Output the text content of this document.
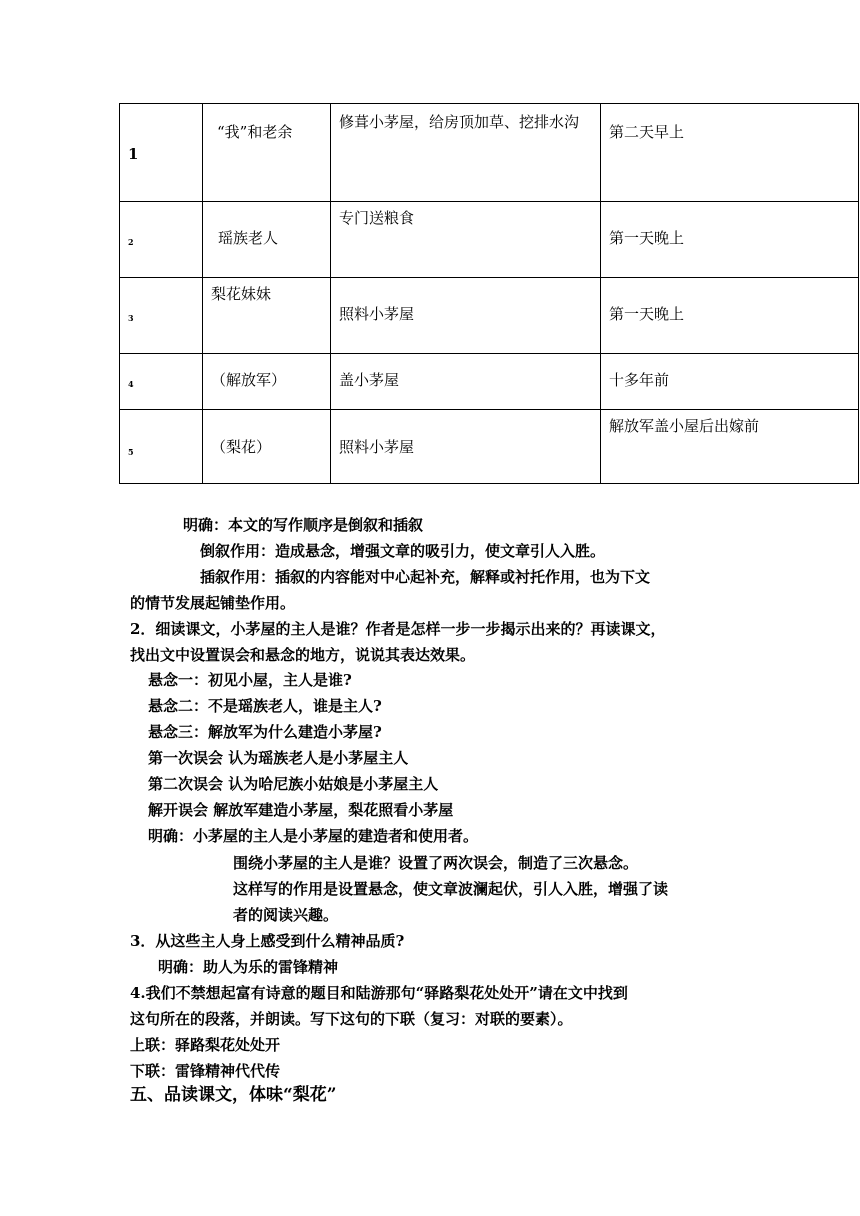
1	“我”和老余	修葺小茅屋，给房顶加草、挖排水沟	第二天早上

2	瑶族老人	专门送粮食	第一天晚上

3	梨花妹妹	照料小茅屋	第一天晚上

4	（解放军）	盖小茅屋	十多年前

5	（梨花）	照料小茅屋	解放军盖小屋后出嫁前
明确：本文的写作顺序是倒叙和插叙
倒叙作用：造成悬念，增强文章的吸引力，使文章引人入胜。
插叙作用：插叙的内容能对中心起补充，解释或衬托作用，也为下文
的情节发展起铺垫作用。
2．细读课文，小茅屋的主人是谁？作者是怎样一步一步揭示出来的？再读课文，
找出文中设置误会和悬念的地方，说说其表达效果。
悬念一：初见小屋，主人是谁?
悬念二：不是瑶族老人，谁是主人?
悬念三：解放军为什么建造小茅屋?
第一次误会 认为瑶族老人是小茅屋主人
第二次误会 认为哈尼族小姑娘是小茅屋主人
解开误会 解放军建造小茅屋，梨花照看小茅屋
明确：小茅屋的主人是小茅屋的建造者和使用者。
围绕小茅屋的主人是谁？设置了两次误会，制造了三次悬念。
这样写的作用是设置悬念，使文章波澜起伏，引人入胜，增强了读
者的阅读兴趣。
3．从这些主人身上感受到什么精神品质?
明确：助人为乐的雷锋精神
4.我们不禁想起富有诗意的题目和陆游那句“驿路梨花处处开”请在文中找到
这句所在的段落，并朗读。写下这句的下联（复习：对联的要素）。
上联：驿路梨花处处开
下联：雷锋精神代代传
五、品读课文，体味“梨花”
